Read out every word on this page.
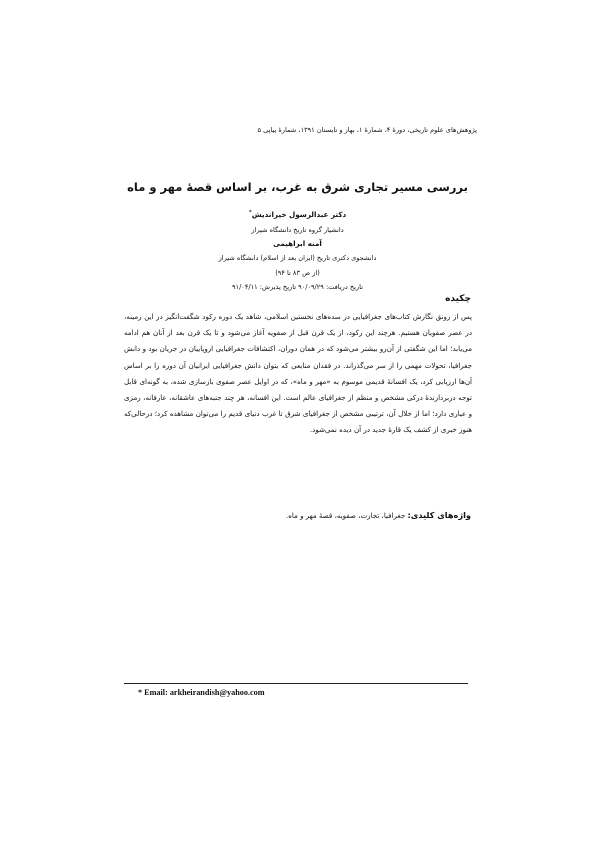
پژوهش‌های علوم تاریخی، دورهٔ ۴، شمارهٔ ۱، بهار و تابستان ۱۳۹۱، شمارهٔ پیاپی ۵
بررسی مسیر تجاری شرق به غرب، بر اساس قصهٔ مهر و ماه
دکتر عبدالرسول خیراندیش*
دانشیار گروه تاریخ دانشگاه شیراز
آمنه ابراهیمی
دانشجوی دکتری تاریخ (ایران بعد از اسلام) دانشگاه شیراز
(از ص ۸۳ تا ۹۴)
تاریخ دریافت: ۹۰/۰۹/۲۹ تاریخ پذیرش: ۹۱/۰۴/۱۱
چکیده
پس از رونق نگارش کتاب‌های جغرافیایی در سده‌های نخستین اسلامی، شاهد یک دوره رکود شگفت‌انگیز در این زمینه، در عصر صفویان هستیم. هرچند این رکود، از یک قرن قبل از صفویه آغاز می‌شود و تا یک قرن بعد از آنان هم ادامه می‌یابد؛ اما این شگفتی از آن‌رو بیشتر می‌شود که در همان دوران، اکتشافات جغرافیایی اروپاییان در جریان بود و دانش جغرافیا، تحولات مهمی را از سر می‌گذراند. در فقدان منابعی که بتوان دانش جغرافیایی ایرانیان آن دوره را بر اساس آن‌ها ارزیابی کرد، یک افسانهٔ قدیمی موسوم به «مهر و ماه»، که در اوایل عصر صفوی بازسازی شده، به گونه‌ای قابل توجه دربردارندهٔ درکی مشخص و منظم از جغرافیای عالم است. این افسانه، هر چند جنبه‌های عاشقانه، عارفانه، رمزی و عیاری دارد؛ اما از خلال آن، ترتیبی مشخص از جغرافیای شرق تا غرب دنیای قدیم را می‌توان مشاهده کرد؛ درحالی‌که هنوز خبری از کشف یک قارهٔ جدید در آن دیده نمی‌شود.
واژه‌های کلیدی: جغرافیا، تجارت، صفویه، قصهٔ مهر و ماه.
* Email: arkheirandish@yahoo.com
